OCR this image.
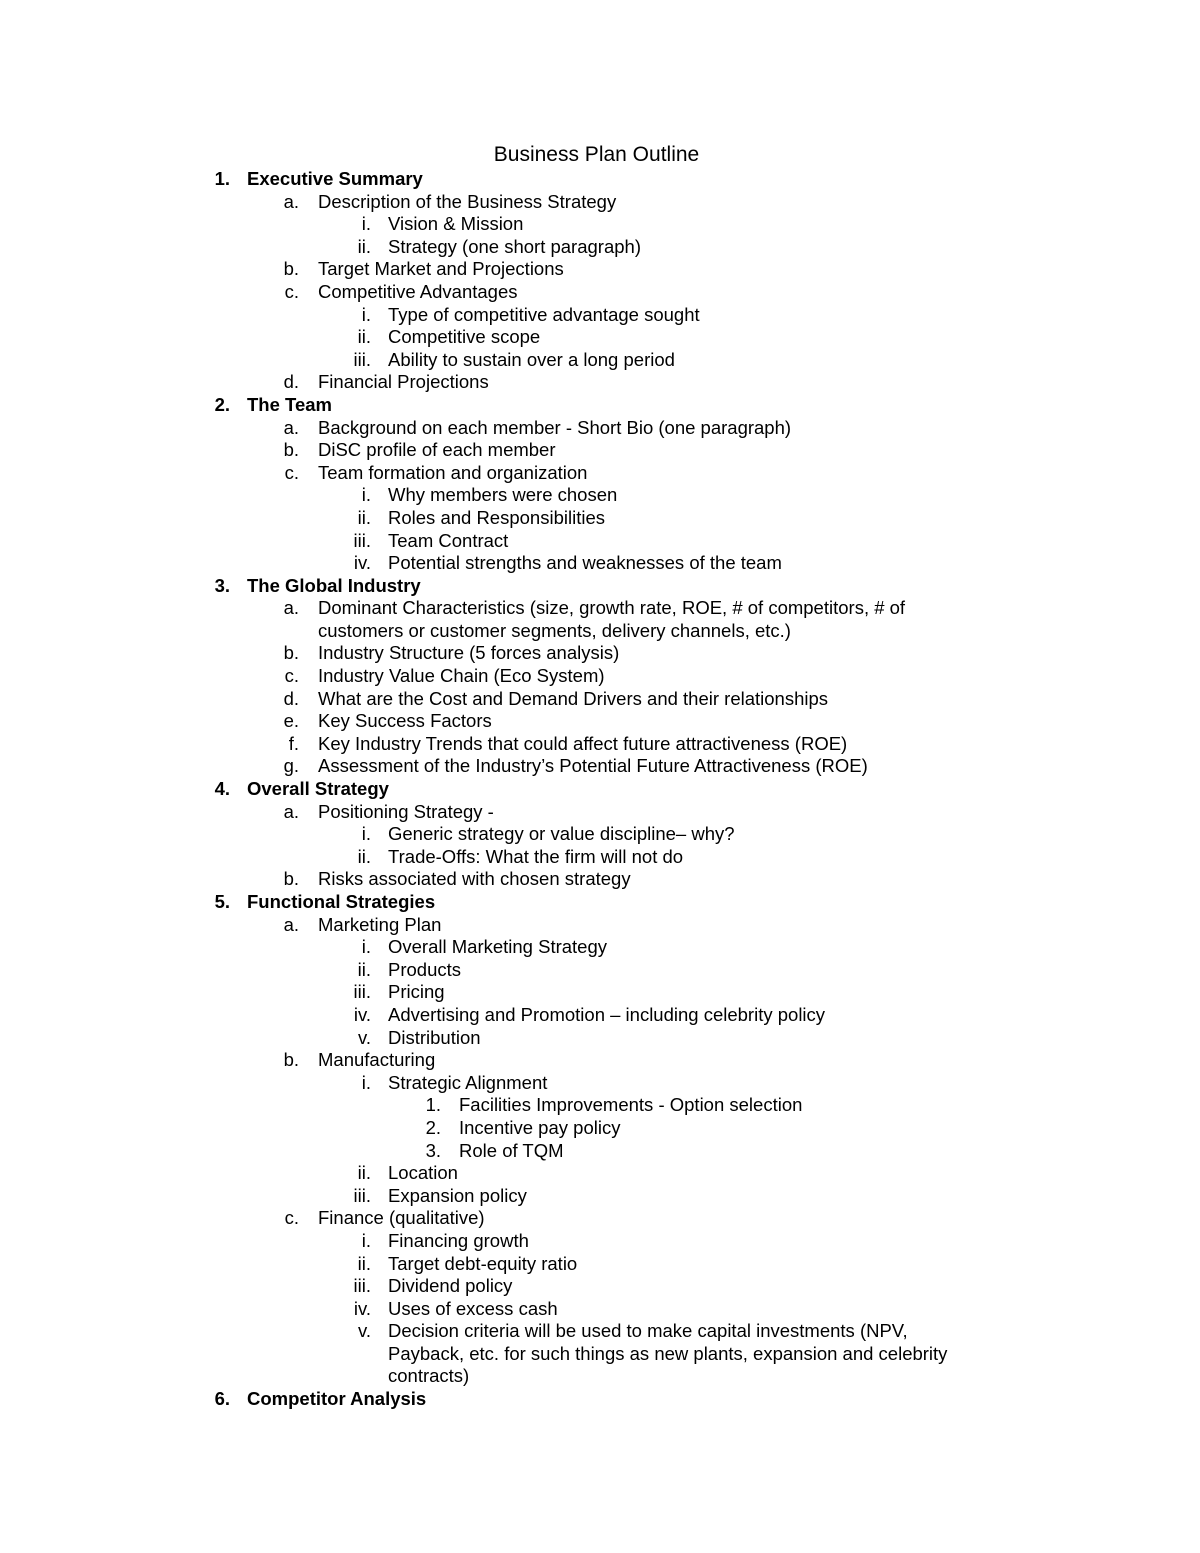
Business Plan Outline
1. Executive Summary
a. Description of the Business Strategy
i. Vision & Mission
ii. Strategy (one short paragraph)
b. Target Market and Projections
c. Competitive Advantages
i. Type of competitive advantage sought
ii. Competitive scope
iii. Ability to sustain over a long period
d. Financial Projections
2. The Team
a. Background on each member - Short Bio (one paragraph)
b. DiSC profile of each member
c. Team formation and organization
i. Why members were chosen
ii. Roles and Responsibilities
iii. Team Contract
iv. Potential strengths and weaknesses of the team
3. The Global Industry
a. Dominant Characteristics (size, growth rate, ROE, # of competitors, # of customers or customer segments, delivery channels, etc.)
b. Industry Structure (5 forces analysis)
c. Industry Value Chain (Eco System)
d. What are the Cost and Demand Drivers and their relationships
e. Key Success Factors
f. Key Industry Trends that could affect future attractiveness (ROE)
g. Assessment of the Industry’s Potential Future Attractiveness (ROE)
4. Overall Strategy
a. Positioning Strategy -
i. Generic strategy or value discipline– why?
ii. Trade-Offs: What the firm will not do
b. Risks associated with chosen strategy
5. Functional Strategies
a. Marketing Plan
i. Overall Marketing Strategy
ii. Products
iii. Pricing
iv. Advertising and Promotion – including celebrity policy
v. Distribution
b. Manufacturing
i. Strategic Alignment
1. Facilities Improvements - Option selection
2. Incentive pay policy
3. Role of TQM
ii. Location
iii. Expansion policy
c. Finance (qualitative)
i. Financing growth
ii. Target debt-equity ratio
iii. Dividend policy
iv. Uses of excess cash
v. Decision criteria will be used to make capital investments (NPV, Payback, etc. for such things as new plants, expansion and celebrity contracts)
6. Competitor Analysis
